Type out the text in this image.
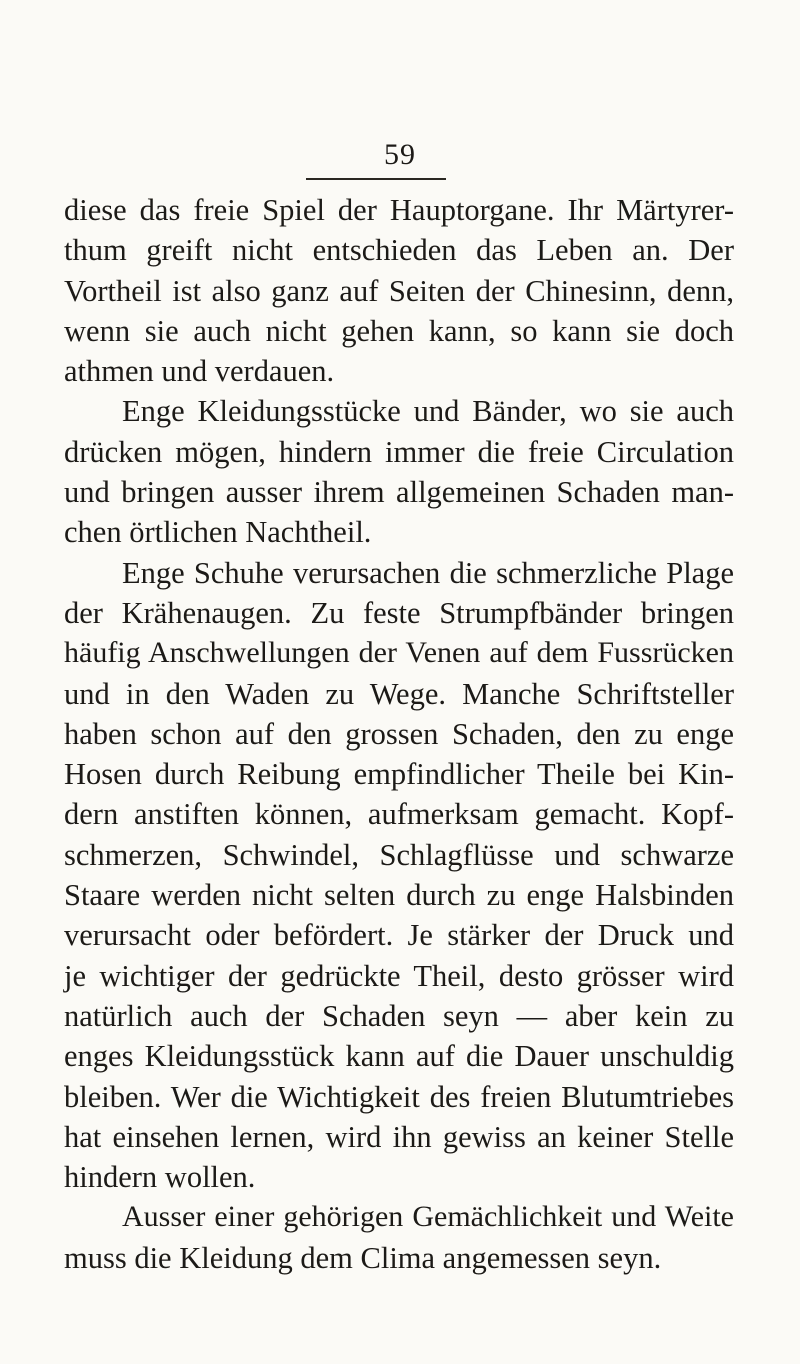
59
diese das freie Spiel der Hauptorgane. Ihr Märtyrer-
thum greift nicht entschieden das Leben an. Der
Vortheil ist also ganz auf Seiten der Chinesinn, denn,
wenn sie auch nicht gehen kann, so kann sie doch
athmen und verdauen.
Enge Kleidungsstücke und Bänder, wo sie auch
drücken mögen, hindern immer die freie Circulation
und bringen ausser ihrem allgemeinen Schaden man-
chen örtlichen Nachtheil.
Enge Schuhe verursachen die schmerzliche Plage
der Krähenaugen. Zu feste Strumpfbänder bringen
häufig Anschwellungen der Venen auf dem Fussrücken
und in den Waden zu Wege. Manche Schriftsteller
haben schon auf den grossen Schaden, den zu enge
Hosen durch Reibung empfindlicher Theile bei Kin-
dern anstiften können, aufmerksam gemacht. Kopf-
schmerzen, Schwindel, Schlagflüsse und schwarze
Staare werden nicht selten durch zu enge Halsbinden
verursacht oder befördert. Je stärker der Druck und
je wichtiger der gedrückte Theil, desto grösser wird
natürlich auch der Schaden seyn — aber kein zu
enges Kleidungsstück kann auf die Dauer unschuldig
bleiben. Wer die Wichtigkeit des freien Blutumtriebes
hat einsehen lernen, wird ihn gewiss an keiner Stelle
hindern wollen.
Ausser einer gehörigen Gemächlichkeit und Weite
muss die Kleidung dem Clima angemessen seyn.
